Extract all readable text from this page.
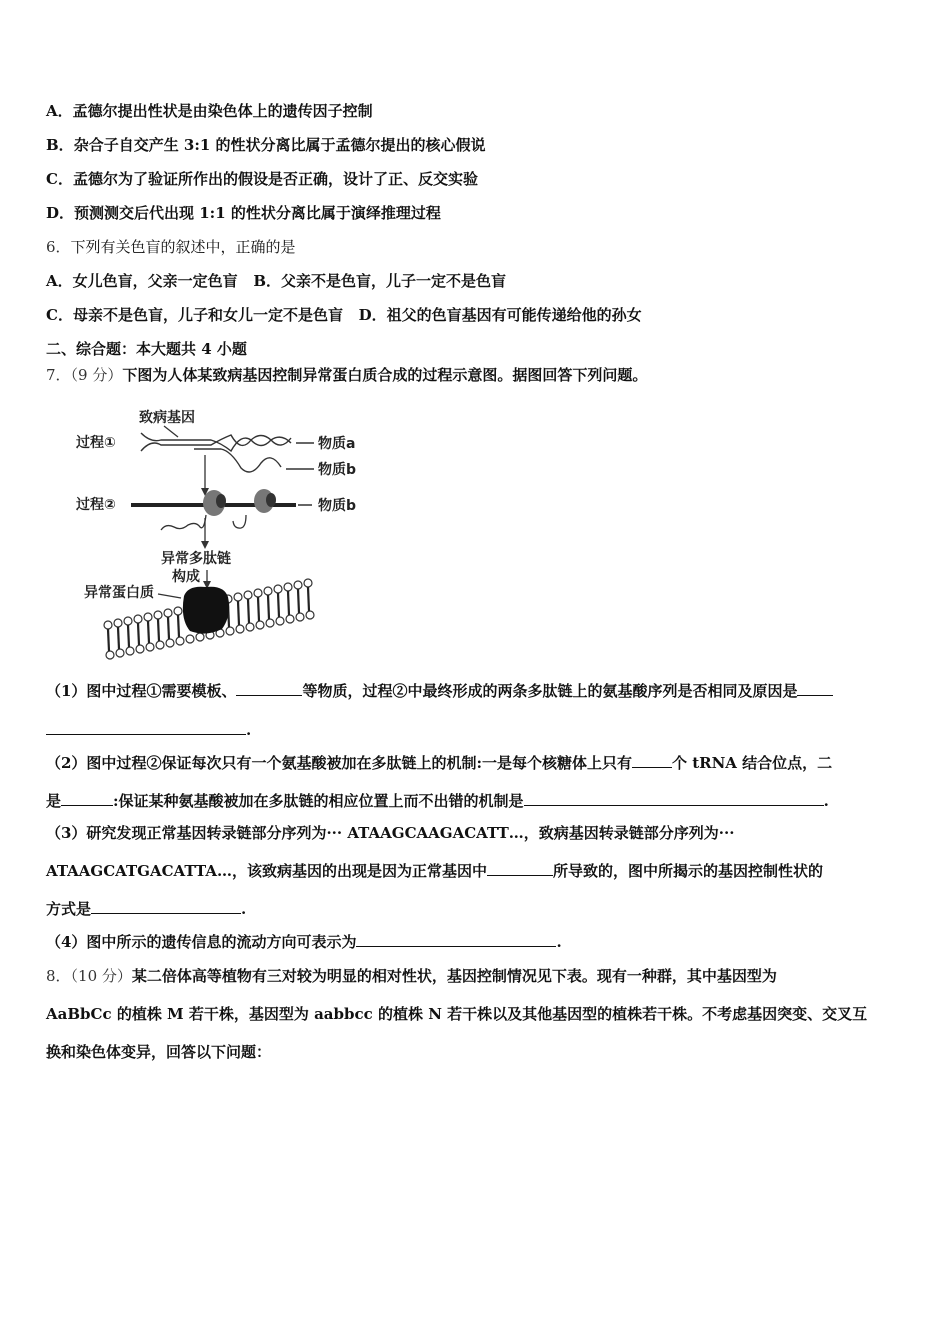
A．孟德尔提出性状是由染色体上的遗传因子控制
B．杂合子自交产生 3:1 的性状分离比属于孟德尔提出的核心假说
C．孟德尔为了验证所作出的假设是否正确，设计了正、反交实验
D．预测测交后代出现 1:1 的性状分离比属于演绎推理过程
6．下列有关色盲的叙述中，正确的是
A．女儿色盲，父亲一定色盲 B．父亲不是色盲，儿子一定不是色盲
C．母亲不是色盲，儿子和女儿一定不是色盲 D．祖父的色盲基因有可能传递给他的孙女
二、综合题：本大题共 4 小题
7．（9 分）下图为人体某致病基因控制异常蛋白质合成的过程示意图。据图回答下列问题。
致病基因
过程①	物质a
物质b
过程②	物质b
异常多肽链
构成
异常蛋白质
（1）图中过程①需要模板、	等物质，过程②中最终形成的两条多肽链上的氨基酸序列是否相同及原因是
.
（2）图中过程②保证每次只有一个氨基酸被加在多肽链上的机制:一是每个核糖体上只有	个 tRNA 结合位点，二
是	:保证某种氨基酸被加在多肽链的相应位置上而不出错的机制是	.
（3）研究发现正常基因转录链部分序列为··· ATAAGCAAGACATT…，致病基因转录链部分序列为···
ATAAGCATGACATTA…，该致病基因的出现是因为正常基因中	所导致的，图中所揭示的基因控制性状的
方式是	.
（4）图中所示的遗传信息的流动方向可表示为	.
8．（10 分）某二倍体高等植物有三对较为明显的相对性状，基因控制情况见下表。现有一种群，其中基因型为
AaBbCc 的植株 M 若干株，基因型为 aabbcc 的植株 N 若干株以及其他基因型的植株若干株。不考虑基因突变、交叉互
换和染色体变异，回答以下问题：
